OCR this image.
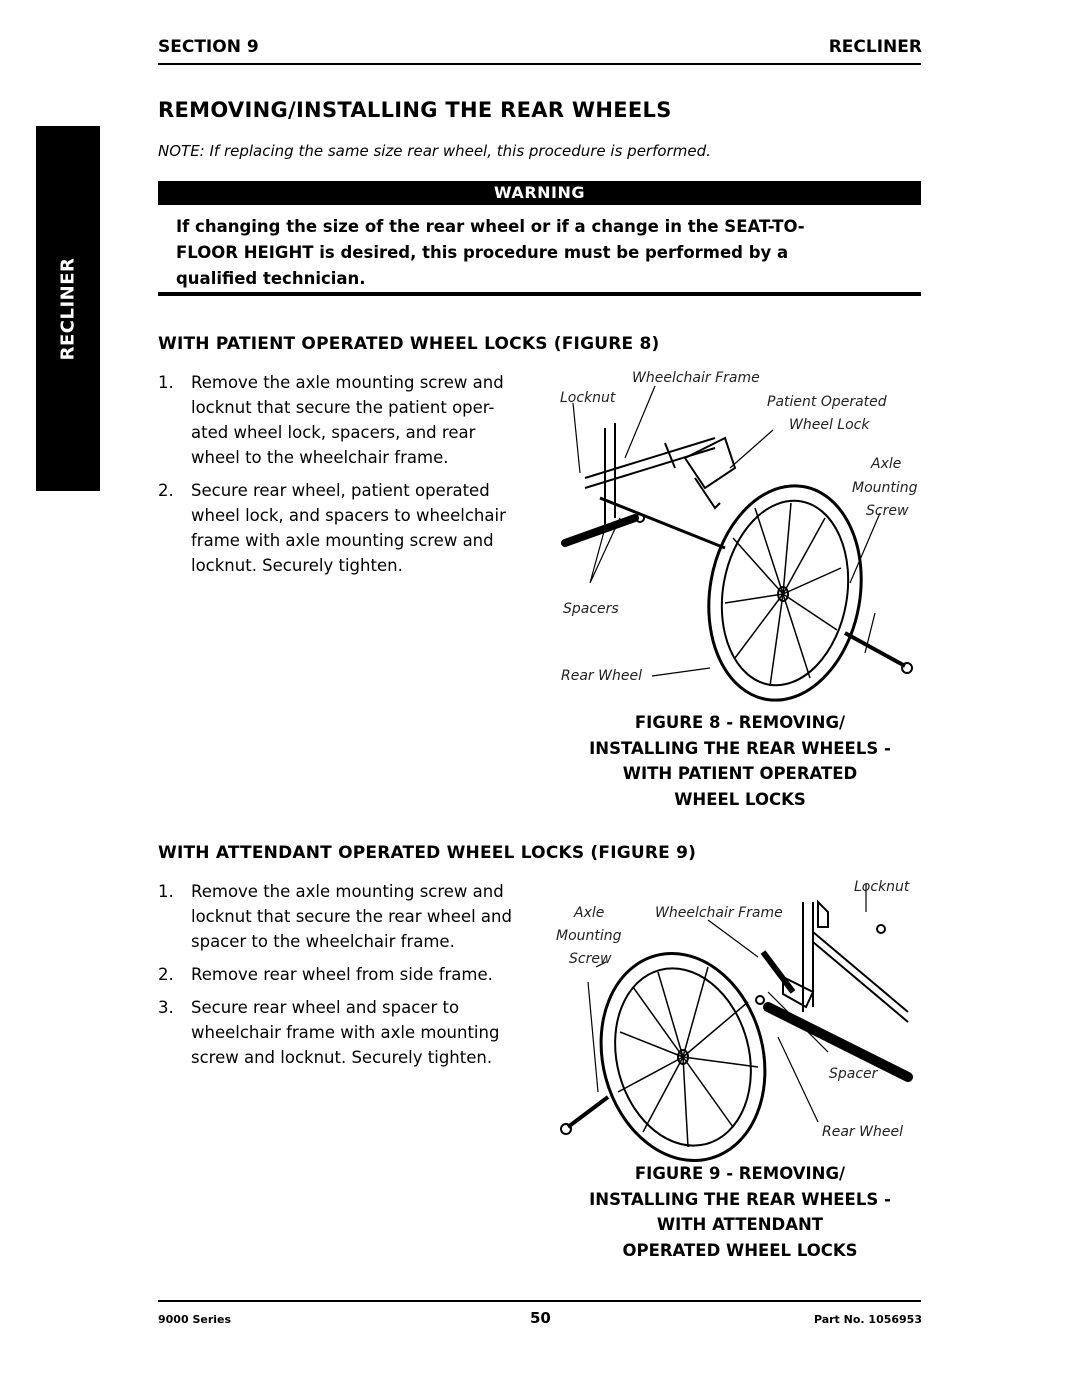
SECTION 9	RECLINER
RECLINER
REMOVING/INSTALLING THE REAR WHEELS
NOTE: If replacing the same size rear wheel, this procedure is performed.
WARNING
If changing the size of the rear wheel or if a change in the SEAT-TO-
FLOOR HEIGHT is desired, this procedure must be performed by a
qualified technician.
WITH PATIENT OPERATED WHEEL LOCKS (FIGURE 8)
1. Remove the axle mounting screw and
locknut that secure the patient oper-
ated wheel lock, spacers, and rear
wheel to the wheelchair frame.
2. Secure rear wheel, patient operated
wheel lock, and spacers to wheelchair
frame with axle mounting screw and
locknut. Securely tighten.
Wheelchair Frame
Locknut	Patient Operated
Wheel Lock
Axle
Mounting
Screw
Spacers
Rear Wheel
FIGURE 8 - REMOVING/
INSTALLING THE REAR WHEELS -
WITH PATIENT OPERATED
WHEEL LOCKS
WITH ATTENDANT OPERATED WHEEL LOCKS (FIGURE 9)
1. Remove the axle mounting screw and
locknut that secure the rear wheel and
spacer to the wheelchair frame.
2. Remove rear wheel from side frame.
3. Secure rear wheel and spacer to
wheelchair frame with axle mounting
screw and locknut. Securely tighten.
Locknut
Axle	Wheelchair Frame
Mounting
Screw
Spacer
Rear Wheel
FIGURE 9 - REMOVING/
INSTALLING THE REAR WHEELS -
WITH ATTENDANT
OPERATED WHEEL LOCKS
9000 Series	50	Part No. 1056953
